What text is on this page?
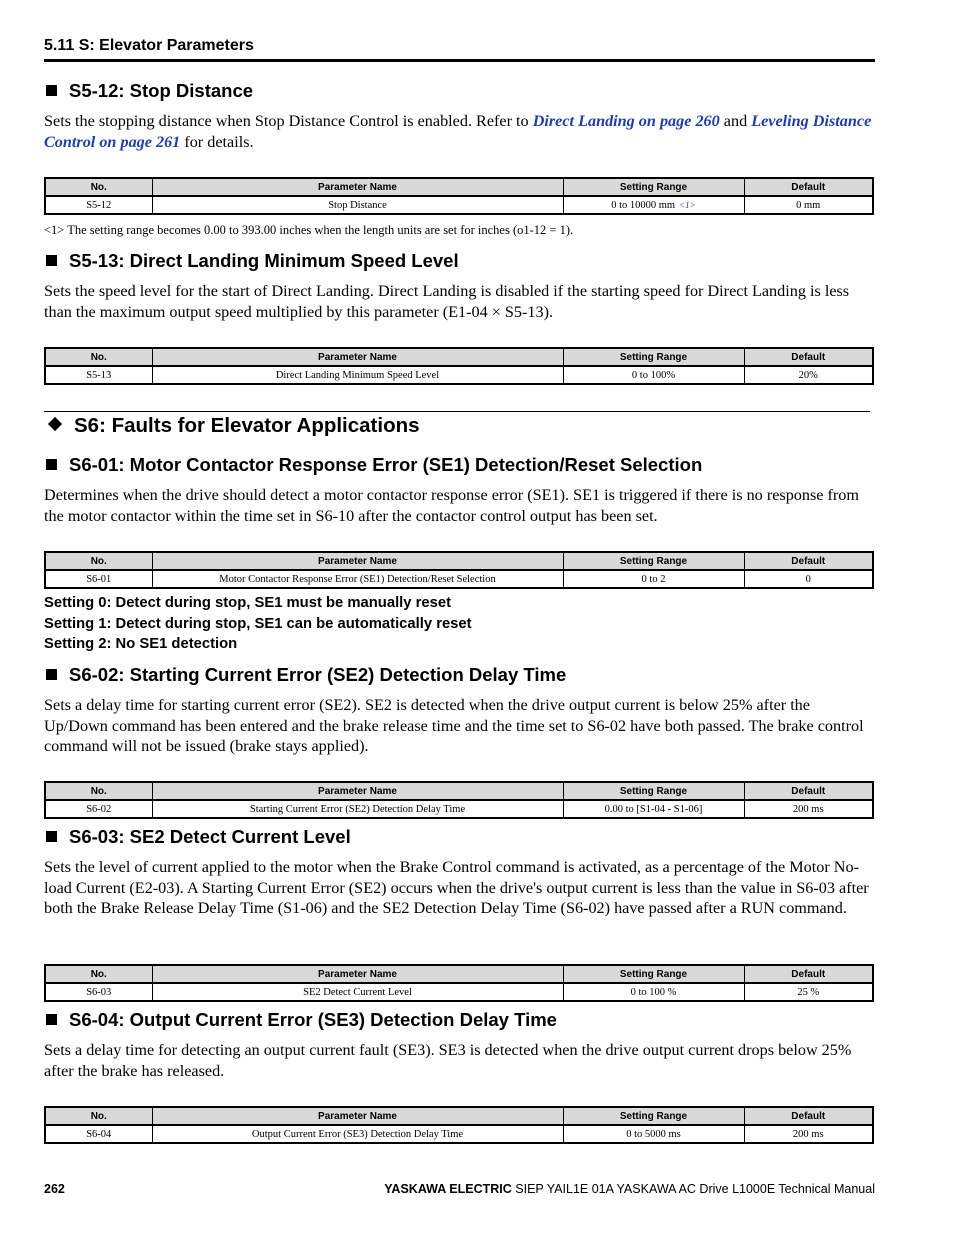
5.11 S: Elevator Parameters
S5-12: Stop Distance
Sets the stopping distance when Stop Distance Control is enabled. Refer to Direct Landing on page 260 and Leveling Distance Control on page 261 for details.
No.	Parameter Name	Setting Range	Default
S5-12	Stop Distance	0 to 10000 mm <1>	0 mm
<1> The setting range becomes 0.00 to 393.00 inches when the length units are set for inches (o1-12 = 1).
S5-13: Direct Landing Minimum Speed Level
Sets the speed level for the start of Direct Landing. Direct Landing is disabled if the starting speed for Direct Landing is less than the maximum output speed multiplied by this parameter (E1-04 × S5-13).
No.	Parameter Name	Setting Range	Default
S5-13	Direct Landing Minimum Speed Level	0 to 100%	20%
S6: Faults for Elevator Applications
S6-01: Motor Contactor Response Error (SE1) Detection/Reset Selection
Determines when the drive should detect a motor contactor response error (SE1). SE1 is triggered if there is no response from the motor contactor within the time set in S6-10 after the contactor control output has been set.
No.	Parameter Name	Setting Range	Default
S6-01	Motor Contactor Response Error (SE1) Detection/Reset Selection	0 to 2	0
Setting 0: Detect during stop, SE1 must be manually reset
Setting 1: Detect during stop, SE1 can be automatically reset
Setting 2: No SE1 detection
S6-02: Starting Current Error (SE2) Detection Delay Time
Sets a delay time for starting current error (SE2). SE2 is detected when the drive output current is below 25% after the Up/Down command has been entered and the brake release time and the time set to S6-02 have both passed. The brake control command will not be issued (brake stays applied).
No.	Parameter Name	Setting Range	Default
S6-02	Starting Current Error (SE2) Detection Delay Time	0.00 to [S1-04 - S1-06]	200 ms
S6-03: SE2 Detect Current Level
Sets the level of current applied to the motor when the Brake Control command is activated, as a percentage of the Motor No-load Current (E2-03). A Starting Current Error (SE2) occurs when the drive's output current is less than the value in S6-03 after both the Brake Release Delay Time (S1-06) and the SE2 Detection Delay Time (S6-02) have passed after a RUN command.
No.	Parameter Name	Setting Range	Default
S6-03	SE2 Detect Current Level	0 to 100 %	25 %
S6-04: Output Current Error (SE3) Detection Delay Time
Sets a delay time for detecting an output current fault (SE3). SE3 is detected when the drive output current drops below 25% after the brake has released.
No.	Parameter Name	Setting Range	Default
S6-04	Output Current Error (SE3) Detection Delay Time	0 to 5000 ms	200 ms
262	YASKAWA ELECTRIC SIEP YAIL1E 01A YASKAWA AC Drive L1000E Technical Manual
